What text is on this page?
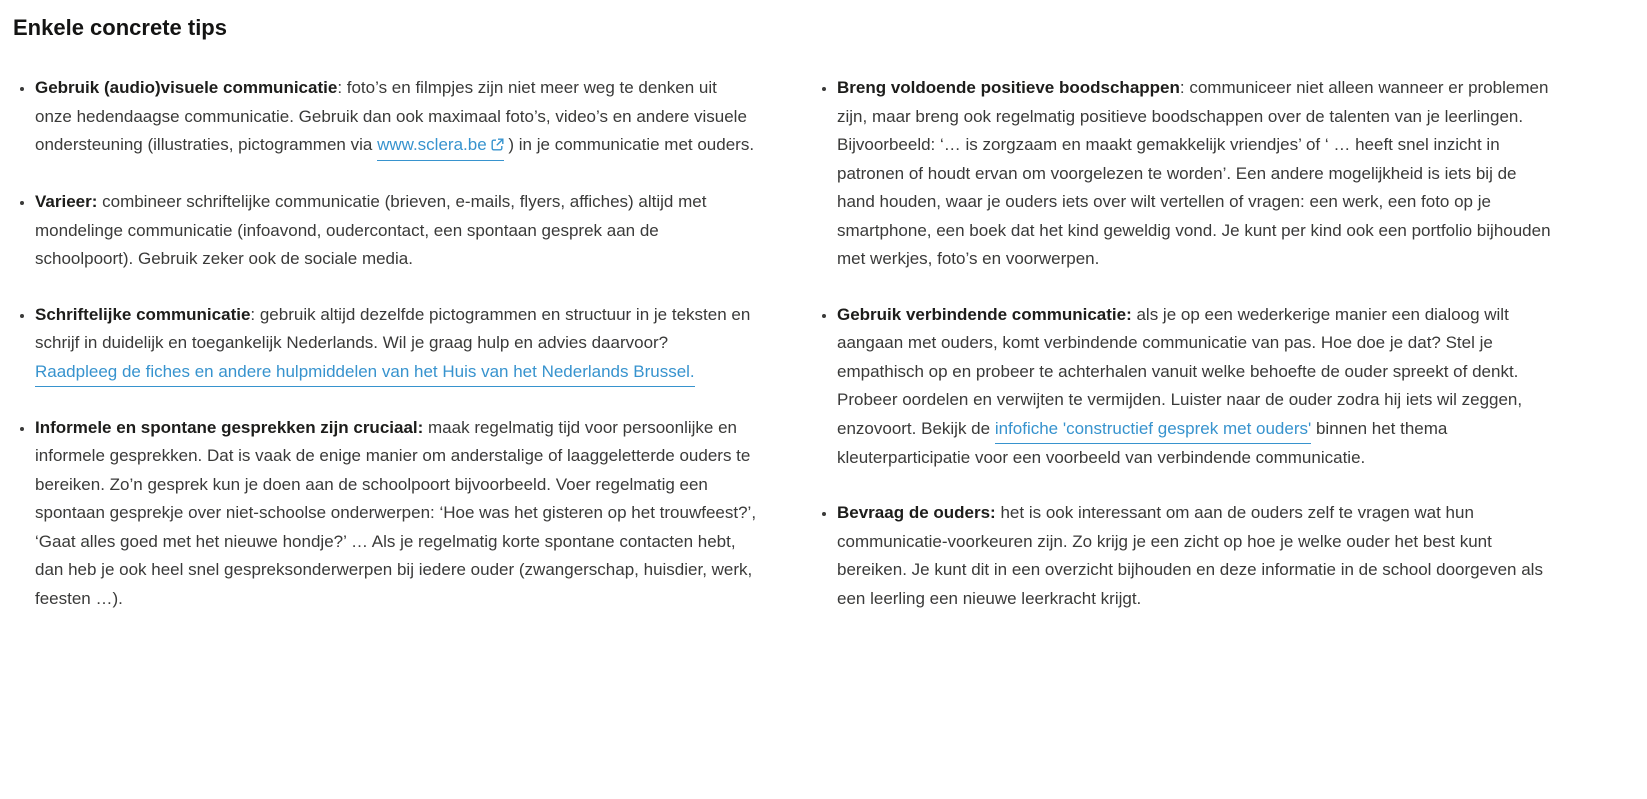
Enkele concrete tips
Gebruik (audio)visuele communicatie: foto’s en filmpjes zijn niet meer weg te denken uit onze hedendaagse communicatie. Gebruik dan ook maximaal foto’s, video’s en andere visuele ondersteuning (illustraties, pictogrammen via www.sclera.be ) in je communicatie met ouders.
Varieer: combineer schriftelijke communicatie (brieven, e-mails, flyers, affiches) altijd met mondelinge communicatie (infoavond, oudercontact, een spontaan gesprek aan de schoolpoort). Gebruik zeker ook de sociale media.
Schriftelijke communicatie: gebruik altijd dezelfde pictogrammen en structuur in je teksten en schrijf in duidelijk en toegankelijk Nederlands. Wil je graag hulp en advies daarvoor? Raadpleeg de fiches en andere hulpmiddelen van het Huis van het Nederlands Brussel.
Informele en spontane gesprekken zijn cruciaal: maak regelmatig tijd voor persoonlijke en informele gesprekken. Dat is vaak de enige manier om anderstalige of laaggeletterde ouders te bereiken. Zo’n gesprek kun je doen aan de schoolpoort bijvoorbeeld. Voer regelmatig een spontaan gesprekje over niet-schoolse onderwerpen: ‘Hoe was het gisteren op het trouwfeest?’, ‘Gaat alles goed met het nieuwe hondje?’ … Als je regelmatig korte spontane contacten hebt, dan heb je ook heel snel gespreksonderwerpen bij iedere ouder (zwangerschap, huisdier, werk, feesten …).
Breng voldoende positieve boodschappen: communiceer niet alleen wanneer er problemen zijn, maar breng ook regelmatig positieve boodschappen over de talenten van je leerlingen. Bijvoorbeeld: ‘… is zorgzaam en maakt gemakkelijk vriendjes’ of ‘ … heeft snel inzicht in patronen of houdt ervan om voorgelezen te worden’. Een andere mogelijkheid is iets bij de hand houden, waar je ouders iets over wilt vertellen of vragen: een werk, een foto op je smartphone, een boek dat het kind geweldig vond. Je kunt per kind ook een portfolio bijhouden met werkjes, foto’s en voorwerpen.
Gebruik verbindende communicatie: als je op een wederkerige manier een dialoog wilt aangaan met ouders, komt verbindende communicatie van pas. Hoe doe je dat? Stel je empathisch op en probeer te achterhalen vanuit welke behoefte de ouder spreekt of denkt. Probeer oordelen en verwijten te vermijden. Luister naar de ouder zodra hij iets wil zeggen, enzovoort. Bekijk de infofiche 'constructief gesprek met ouders' binnen het thema kleuterparticipatie voor een voorbeeld van verbindende communicatie.
Bevraag de ouders: het is ook interessant om aan de ouders zelf te vragen wat hun communicatie-voorkeuren zijn. Zo krijg je een zicht op hoe je welke ouder het best kunt bereiken. Je kunt dit in een overzicht bijhouden en deze informatie in de school doorgeven als een leerling een nieuwe leerkracht krijgt.
